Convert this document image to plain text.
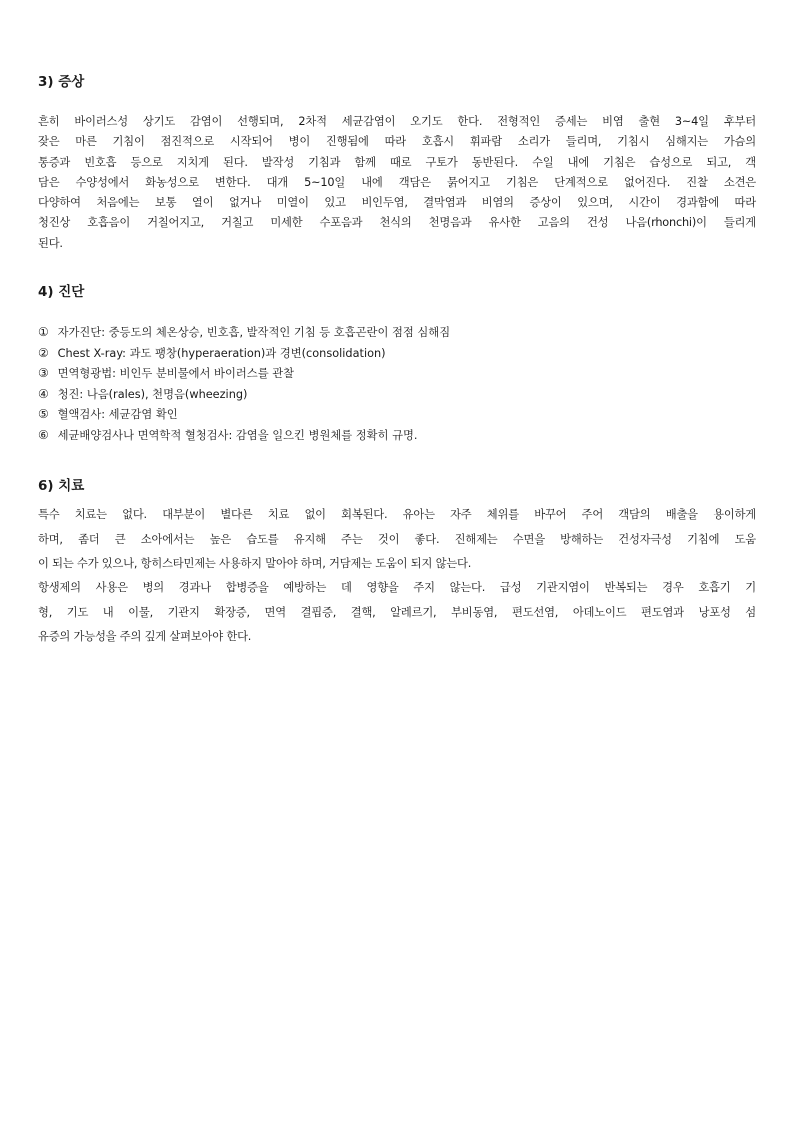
3) 증상
흔히 바이러스성 상기도 감염이 선행되며, 2차적 세균감염이 오기도 한다. 전형적인 증세는 비염 출현 3~4일 후부터
잦은 마른 기침이 점진적으로 시작되어 병이 진행됨에 따라 호흡시 휘파람 소리가 들리며, 기침시 심해지는 가슴의
통증과 빈호흡 등으로 지치게 된다. 발작성 기침과 함께 때로 구토가 동반된다. 수일 내에 기침은 습성으로 되고, 객
담은 수양성에서 화농성으로 변한다. 대개 5~10일 내에 객담은 묽어지고 기침은 단계적으로 없어진다. 진찰 소견은
다양하여 처음에는 보통 열이 없거나 미열이 있고 비인두염, 결막염과 비염의 증상이 있으며, 시간이 경과함에 따라
청진상 호흡음이 거칠어지고, 거칠고 미세한 수포음과 천식의 천명음과 유사한 고음의 건성 나음(rhonchi)이 들리게
된다.
4) 진단
① 자가진단: 중등도의 체온상승, 빈호흡, 발작적인 기침 등 호흡곤란이 점점 심해짐
② Chest X-ray: 과도 팽창(hyperaeration)과 경변(consolidation)
③ 면역형광법: 비인두 분비물에서 바이러스를 관찰
④ 청진: 나음(rales), 천명음(wheezing)
⑤ 혈액검사: 세균감염 확인
⑥ 세균배양검사나 면역학적 혈청검사: 감염을 일으킨 병원체를 정확히 규명.
6) 치료
특수 치료는 없다. 대부분이 별다른 치료 없이 회복된다. 유아는 자주 체위를 바꾸어 주어 객담의 배출을 용이하게
하며, 좀더 큰 소아에서는 높은 습도를 유지해 주는 것이 좋다. 진해제는 수면을 방해하는 건성자극성 기침에 도움
이 되는 수가 있으나, 항히스타민제는 사용하지 말아야 하며, 거담제는 도움이 되지 않는다.
항생제의 사용은 병의 경과나 합병증을 예방하는 데 영향을 주지 않는다. 급성 기관지염이 반복되는 경우 호흡기 기
형, 기도 내 이물, 기관지 확장증, 면역 결핍증, 결핵, 알레르기, 부비동염, 편도선염, 아데노이드 편도염과 낭포성 섬
유증의 가능성을 주의 깊게 살펴보아야 한다.
